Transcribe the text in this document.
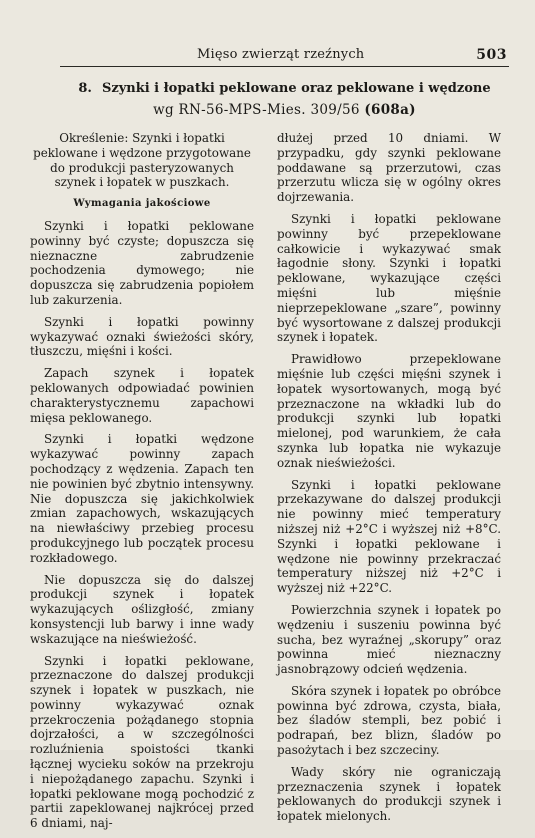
Mięso zwierząt rzeźnych	503
8. Szynki i łopatki peklowane oraz peklowane i wędzone
wg RN-56-MPS-Mies. 309/56 (608a)

Określenie: Szynki i łopatki peklowane i wędzone przygotowane do produkcji pasteryzowanych szynek i łopatek w puszkach.

Wymagania jakościowe

Szynki i łopatki peklowane powinny być czyste; dopuszcza się nieznaczne zabrudzenie pochodzenia dymowego; nie dopuszcza się zabrudzenia popiołem lub zakurzenia.

Szynki i łopatki powinny wykazywać oznaki świeżości skóry, tłuszczu, mięśni i kości.

Zapach szynek i łopatek peklowanych odpowiadać powinien charakterystycznemu zapachowi mięsa peklowanego.

Szynki i łopatki wędzone wykazywać powinny zapach pochodzący z wędzenia. Zapach ten nie powinien być zbytnio intensywny. Nie dopuszcza się jakichkolwiek zmian zapachowych, wskazujących na niewłaściwy przebieg procesu produkcyjnego lub początek procesu rozkładowego.

Nie dopuszcza się do dalszej produkcji szynek i łopatek wykazujących oślizgłość, zmiany konsystencji lub barwy i inne wady wskazujące na nieświeżość.

Szynki i łopatki peklowane, przeznaczone do dalszej produkcji szynek i łopatek w puszkach, nie powinny wykazywać oznak przekroczenia pożądanego stopnia dojrzałości, a w szczególności rozluźnienia spoistości tkanki łącznej wycieku soków na przekroju i niepożądanego zapachu. Szynki i łopatki peklowane mogą pochodzić z partii zapeklowanej najkrócej przed 6 dniami, naj-

dłużej przed 10 dniami. W przypadku, gdy szynki peklowane poddawane są przerzutowi, czas przerzutu wlicza się w ogólny okres dojrzewania.

Szynki i łopatki peklowane powinny być przepeklowane całkowicie i wykazywać smak łagodnie słony. Szynki i łopatki peklowane, wykazujące części mięśni lub mięśnie nieprzepeklowane „szare”, powinny być wysortowane z dalszej produkcji szynek i łopatek.

Prawidłowo przepeklowane mięśnie lub części mięśni szynek i łopatek wysortowanych, mogą być przeznaczone na wkładki lub do produkcji szynki lub łopatki mielonej, pod warunkiem, że cała szynka lub łopatka nie wykazuje oznak nieświeżości.

Szynki i łopatki peklowane przekazywane do dalszej produkcji nie powinny mieć temperatury niższej niż +2°C i wyższej niż +8°C. Szynki i łopatki peklowane i wędzone nie powinny przekraczać temperatury niższej niż +2°C i wyższej niż +22°C.

Powierzchnia szynek i łopatek po wędzeniu i suszeniu powinna być sucha, bez wyraźnej „skorupy” oraz powinna mieć nieznaczny jasnobrązowy odcień wędzenia.

Skóra szynek i łopatek po obróbce powinna być zdrowa, czysta, biała, bez śladów stempli, bez pobić i podrapań, bez blizn, śladów po pasożytach i bez szczeciny.

Wady skóry nie ograniczają przeznaczenia szynek i łopatek peklowanych do produkcji szynek i łopatek mielonych.
